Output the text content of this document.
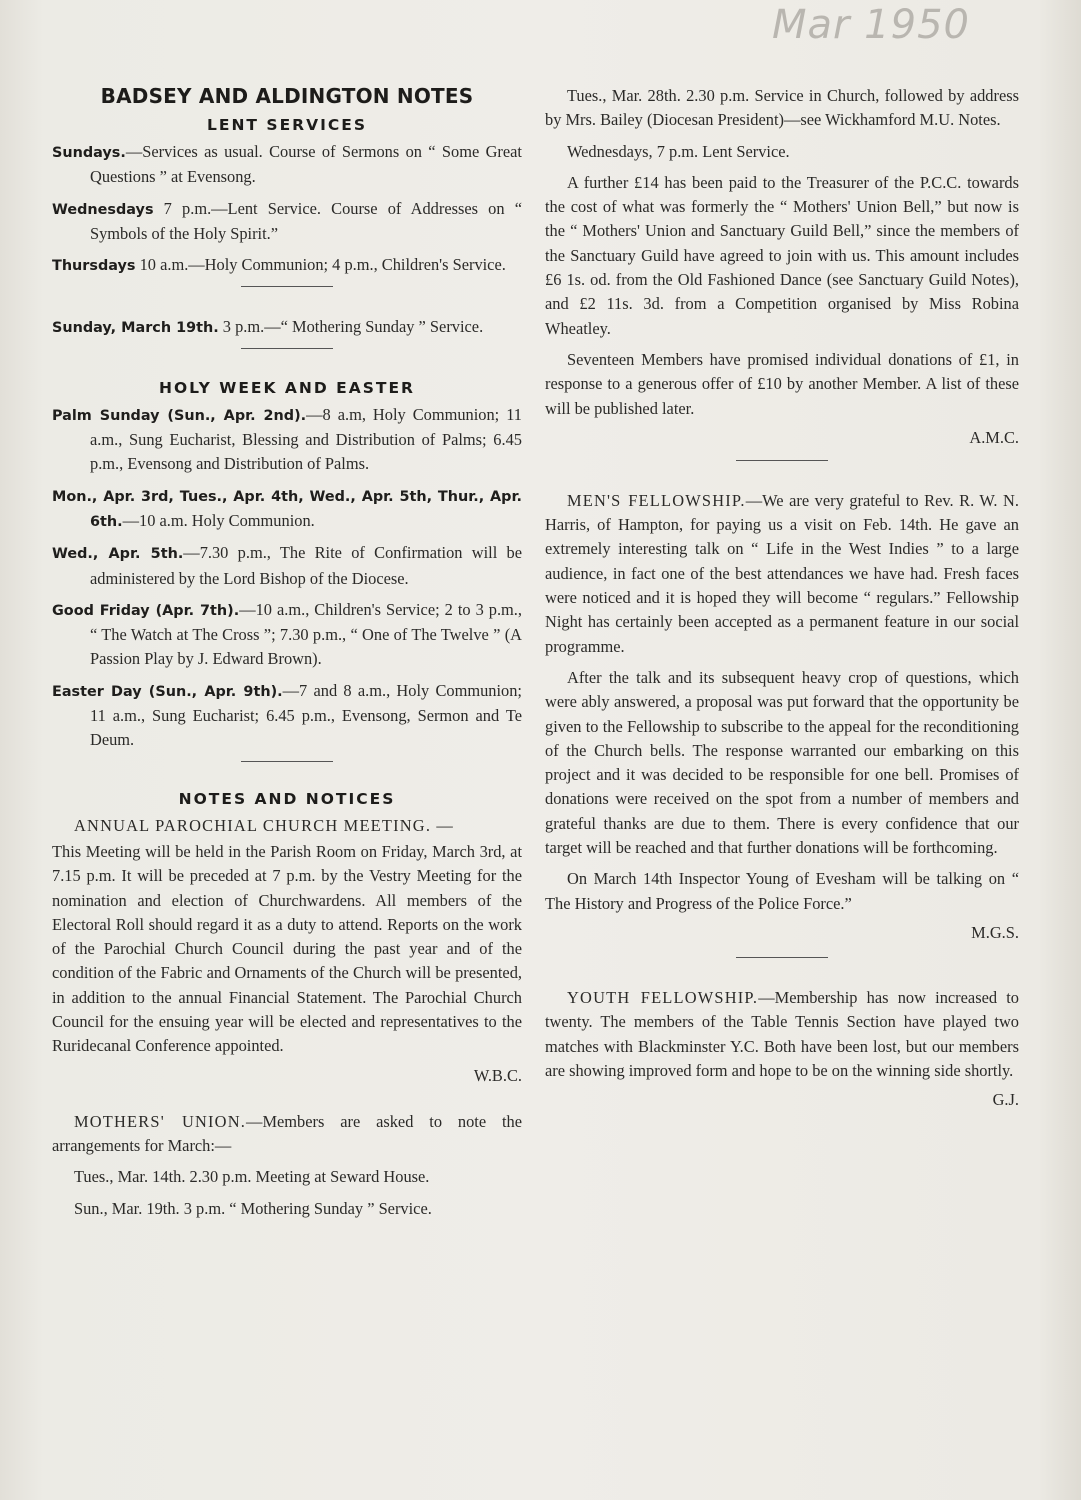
Mar 1950
BADSEY AND ALDINGTON NOTES
LENT SERVICES

Sundays.—Services as usual. Course of Sermons on “ Some Great Questions ” at Evensong.

Wednesdays 7 p.m.—Lent Service. Course of Addresses on “ Symbols of the Holy Spirit.”

Thursdays 10 a.m.—Holy Communion; 4 p.m., Children's Service.

Sunday, March 19th. 3 p.m.—“ Mothering Sunday ” Service.

HOLY WEEK AND EASTER

Palm Sunday (Sun., Apr. 2nd).—8 a.m, Holy Communion; 11 a.m., Sung Eucharist, Blessing and Distribution of Palms; 6.45 p.m., Evensong and Distribution of Palms.

Mon., Apr. 3rd, Tues., Apr. 4th, Wed., Apr. 5th, Thur., Apr. 6th.—10 a.m. Holy Communion.

Wed., Apr. 5th.—7.30 p.m., The Rite of Confirmation will be administered by the Lord Bishop of the Diocese.

Good Friday (Apr. 7th).—10 a.m., Children's Service; 2 to 3 p.m., “ The Watch at The Cross ”; 7.30 p.m., “ One of The Twelve ” (A Passion Play by J. Edward Brown).

Easter Day (Sun., Apr. 9th).—7 and 8 a.m., Holy Communion; 11 a.m., Sung Eucharist; 6.45 p.m., Evensong, Sermon and Te Deum.

NOTES AND NOTICES

ANNUAL PAROCHIAL CHURCH MEETING. —

This Meeting will be held in the Parish Room on Friday, March 3rd, at 7.15 p.m. It will be preceded at 7 p.m. by the Vestry Meeting for the nomination and election of Churchwardens. All members of the Electoral Roll should regard it as a duty to attend. Reports on the work of the Parochial Church Council during the past year and of the condition of the Fabric and Ornaments of the Church will be presented, in addition to the annual Financial Statement. The Parochial Church Council for the ensuing year will be elected and representatives to the Ruridecanal Conference appointed.

W.B.C.

MOTHERS' UNION.—Members are asked to note the arrangements for March:—

Tues., Mar. 14th. 2.30 p.m. Meeting at Seward House.

Sun., Mar. 19th. 3 p.m. “ Mothering Sunday ” Service.

Tues., Mar. 28th. 2.30 p.m. Service in Church, followed by address by Mrs. Bailey (Diocesan President)—see Wickhamford M.U. Notes.

Wednesdays, 7 p.m. Lent Service.

A further £14 has been paid to the Treasurer of the P.C.C. towards the cost of what was formerly the “ Mothers' Union Bell,” but now is the “ Mothers' Union and Sanctuary Guild Bell,” since the members of the Sanctuary Guild have agreed to join with us. This amount includes £6 1s. od. from the Old Fashioned Dance (see Sanctuary Guild Notes), and £2 11s. 3d. from a Competition organised by Miss Robina Wheatley.

Seventeen Members have promised individual donations of £1, in response to a generous offer of £10 by another Member. A list of these will be published later.

A.M.C.

MEN'S FELLOWSHIP.—We are very grateful to Rev. R. W. N. Harris, of Hampton, for paying us a visit on Feb. 14th. He gave an extremely interesting talk on “ Life in the West Indies ” to a large audience, in fact one of the best attendances we have had. Fresh faces were noticed and it is hoped they will become “ regulars.” Fellowship Night has certainly been accepted as a permanent feature in our social programme.

After the talk and its subsequent heavy crop of questions, which were ably answered, a proposal was put forward that the opportunity be given to the Fellowship to subscribe to the appeal for the reconditioning of the Church bells. The response warranted our embarking on this project and it was decided to be responsible for one bell. Promises of donations were received on the spot from a number of members and grateful thanks are due to them. There is every confidence that our target will be reached and that further donations will be forthcoming.

On March 14th Inspector Young of Evesham will be talking on “ The History and Progress of the Police Force.”

M.G.S.

YOUTH FELLOWSHIP.—Membership has now increased to twenty. The members of the Table Tennis Section have played two matches with Blackminster Y.C. Both have been lost, but our members are showing improved form and hope to be on the winning side shortly.

G.J.
